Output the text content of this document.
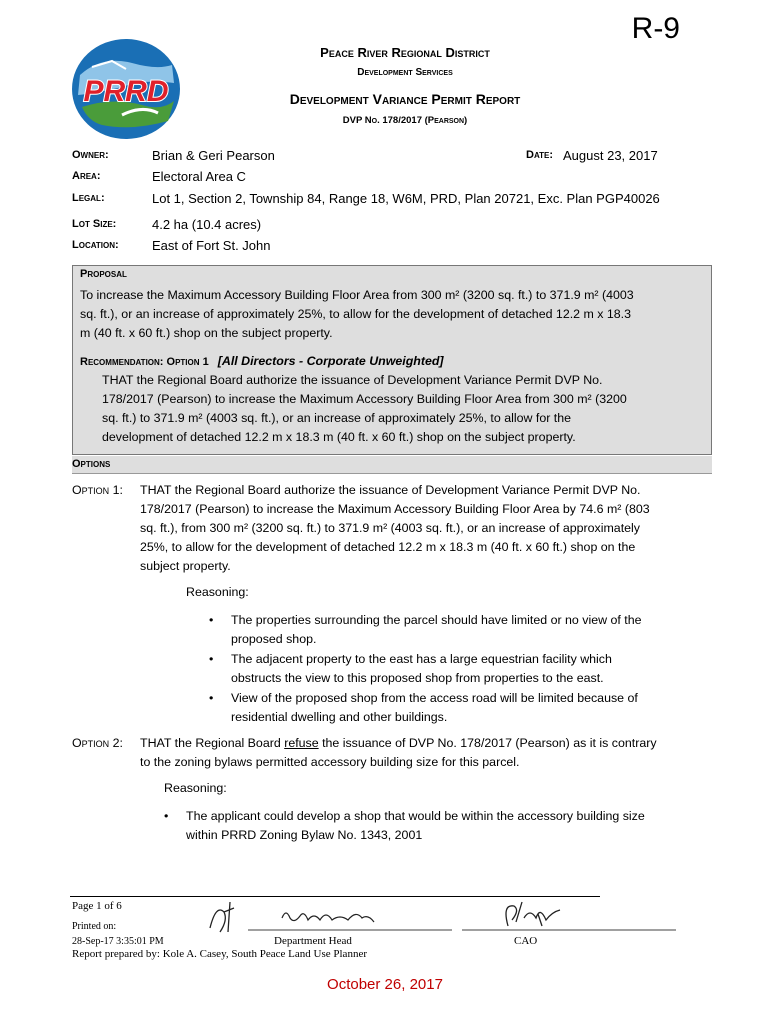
R-9
PRRD
Peace River Regional District
Development Services
Development Variance Permit Report
DVP No. 178/2017 (Pearson)
Owner:	Brian & Geri Pearson	Date: August 23, 2017
Area:	Electoral Area C
Legal:	Lot 1, Section 2, Township 84, Range 18, W6M, PRD, Plan 20721, Exc. Plan PGP40026
Lot Size:	4.2 ha (10.4 acres)
Location:	East of Fort St. John
Proposal
To increase the Maximum Accessory Building Floor Area from 300 m² (3200 sq. ft.) to 371.9 m² (4003
sq. ft.), or an increase of approximately 25%, to allow for the development of detached 12.2 m x 18.3
m (40 ft. x 60 ft.) shop on the subject property.
Recommendation: Option 1 [All Directors - Corporate Unweighted]
THAT the Regional Board authorize the issuance of Development Variance Permit DVP No.
178/2017 (Pearson) to increase the Maximum Accessory Building Floor Area from 300 m² (3200
sq. ft.) to 371.9 m² (4003 sq. ft.), or an increase of approximately 25%, to allow for the
development of detached 12.2 m x 18.3 m (40 ft. x 60 ft.) shop on the subject property.
Options
Option 1: THAT the Regional Board authorize the issuance of Development Variance Permit DVP No.
178/2017 (Pearson) to increase the Maximum Accessory Building Floor Area by 74.6 m² (803
sq. ft.), from 300 m² (3200 sq. ft.) to 371.9 m² (4003 sq. ft.), or an increase of approximately
25%, to allow for the development of detached 12.2 m x 18.3 m (40 ft. x 60 ft.) shop on the
subject property.
Reasoning:
• The properties surrounding the parcel should have limited or no view of the
proposed shop.
• The adjacent property to the east has a large equestrian facility which
obstructs the view to this proposed shop from properties to the east.
• View of the proposed shop from the access road will be limited because of
residential dwelling and other buildings.
Option 2: THAT the Regional Board refuse the issuance of DVP No. 178/2017 (Pearson) as it is contrary
to the zoning bylaws permitted accessory building size for this parcel.
Reasoning:
• The applicant could develop a shop that would be within the accessory building size
within PRRD Zoning Bylaw No. 1343, 2001
Page 1 of 6
Printed on:
28-Sep-17 3:35:01 PM	Department Head	CAO
Report prepared by: Kole A. Casey, South Peace Land Use Planner
October 26, 2017
